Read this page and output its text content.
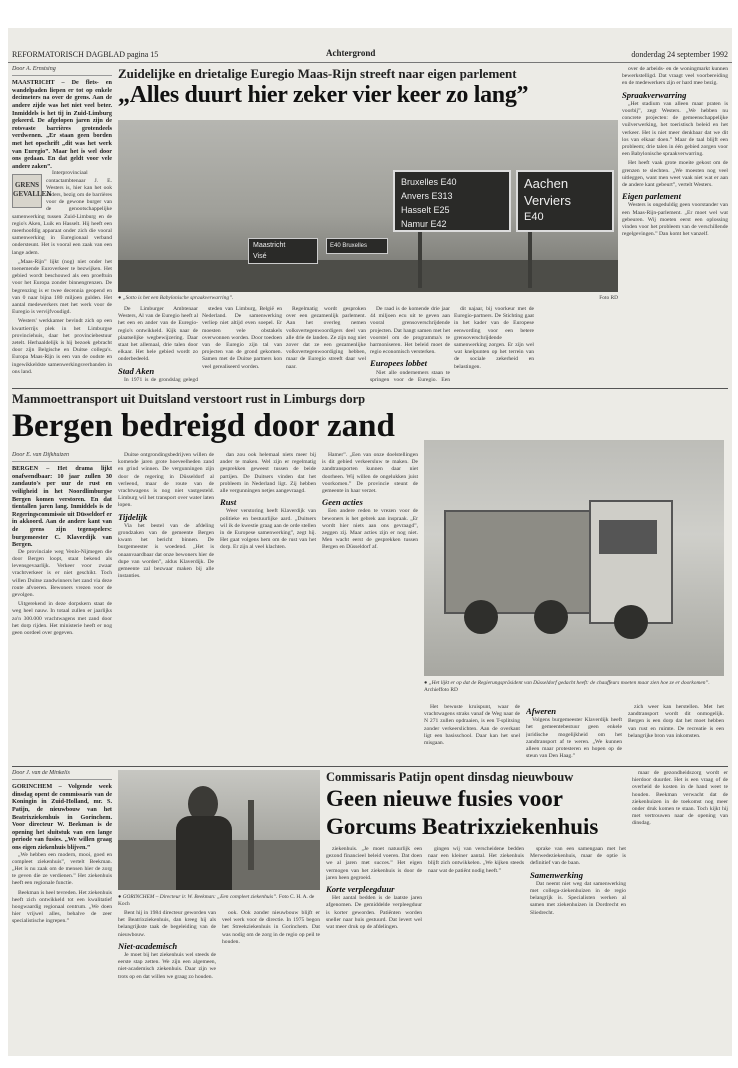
REFORMATORISCH DAGBLAD pagina 15	Achtergrond	donderdag 24 september 1992
Door A. Ernstsing
MAASTRICHT – De flets- en wandelpaden liepen er tot op enkele decimeters na over de grens. Aan de andere zijde was het niet veel beter. Inmiddels is het tij in Zuid-Limburg gekeerd. De afgelopen jaren zijn de rotsvaste barrières grotendeels verdwenen. „Er staan geen borden met het opschrift „dit was het werk van Euregio”. Maar het is wel door ons gedaan. En dat geldt voor vele andere zaken”.
GRENS GEVALLEN

Interprovinciaal contactambtenaar J. E. Westers is, hier kan het ook anders, bezig om de barrières voor de gewone burger van de genootschappelijke samenwerking tussen Zuid-Limburg en de regio's Aken, Luik en Hasselt. Hij heeft een meerhoofdig apparaat onder zich die vooral samenwerking in Euregionaal verband ondersteunt. Het is vooral een zaak van een lange adem.

„Maas-Rijn” lijkt (nog) niet onder het toenemende Euroverkeer te bezwijken. Het gebied wordt beschouwd als een proeftuin voor het Europa zonder binnengrenzen. De begrenzing is er twee decennia geopend en van 0 naar bijna 180 miljoen gulden. Het aantal medewerkers met het werk voor de Euregio is vervijfvoudigd.

Westers' werkkamer bevindt zich op een kwartierrijs plek in het Limburgse provinciehuis, daar het provinciebestuur zetelt. Herhaaldelijk is hij bezoek gebracht door zijn Belgische en Duitse collega's. Europa Maas-Rijn is een van de oudste en ingewikkeldste samenwerkingsverbanden in ons land.

Zuidelijke en drietalige Euregio Maas-Rijn streeft naar eigen parlement
„Alles duurt hier zeker vier keer zo lang”
Bruxelles E40
Anvers E313
Hasselt E25
Namur E42
Aachen
Verviers
E40
Maastricht
Visé
E40 Bruxelles
● „Sotto is het een Babylonische spraakverwarring”.	Foto RD

De Limburger Ambtenaar Westers, Al van de Euregio heeft al het een en ander van de Euregio-regio's ontwikkeld. Kijk naar de plaatselijke wegbewijzering. Daar staat het allemaal, drie talen door elkaar. Het hele gebied wordt zo onderbedeeld.

Stad Aken

In 1971 is de grondslag gelegd

steden van Limburg, België en Nederland. De samenwerking verliep niet altijd even soepel. Er moesten vele obstakels overwonnen worden. Door toedoen van de Euregio zijn tal van projecten van de grond gekomen. Samen met de Duitse partners kon veel gerealiseerd worden.

Regelmatig wordt gesproken over een gezamenlijk parlement. Aan het overleg nemen volksvertegenwoordigers deel van alle drie de landen. Ze zijn nog niet zover dat ze een gezamenlijke volksvertegenwoordiging hebben, maar de Euregio streeft daar wel naar.

De raad is de komende drie jaar 44 miljoen ecu uit te geven aan vooral grensoverschrijdende projecten. Dat hangt samen met het voorstel om de programma's te harmoniseren. Het beleid moet de regio economisch versterken.

Europees lobbet

Niet alle ondernemers staan te springen voor de Euregio. Een

dit najaar, bij voorkeur met de Euregio-partners. De Stichting gaat in het kader van de Europese eenwording voor een betere grensoverschrijdende samenwerking zorgen. Er zijn wel wat knelpunten op het terrein van de sociale zekerheid en belastingen.

over de arbeids- en de woningmarkt kunnen bewerkstelligd. Dat vraagt veel voorbereiding en de medewerkers zijn er hard mee bezig.

Spraakverwarring

„Het stadium van alleen maar praten is voorbij”, zegt Westers. „We hebben nu concrete projecten: de gemeenschappelijke vuilverwerking, het toeristisch beleid en het verkeer. Het is niet meer denkbaar dat we dit los van elkaar doen.” Maar de taal blijft een probleem; drie talen in één gebied zorgen voor een Babylonische spraakverwarring.

Het heeft vaak grote moeite gekost om de grenzen te slechten. „We moesten nog veel uitleggen, want men weet vaak niet wat er aan de andere kant gebeurt”, vertelt Westers.

Eigen parlement

Westers is ongeduldig geen voorstander van een Maas-Rijn-parlement. „Er moet wel wat gebeuren. Wij moeten eerst een oplossing vinden voor het probleem van de verschillende regelgevingen.” Dan komt het vanzelf.

Mammoettransport uit Duitsland verstoort rust in Limburgs dorp
Bergen bedreigd door zand
Door E. van Dijkhuizen
BERGEN – Het drama lijkt onafwendbaar: 10 jaar zullen 30 zandauto's per uur de rust en veiligheid in het Noordlimburgse Bergen komen verstoren. En dat tientallen jaren lang. Inmiddels is de Regeringscommissie uit Düsseldorf er in akkoord. Aan de andere kant van de grens zijn tegenspelers: burgemeester C. Klaverdijk van Bergen.

De provinciale weg Venlo-Nijmegen die door Bergen loopt, staat bekend als levensgevaarlijk. Verkeer voor zwaar vrachtverkeer is er niet geschikt. Toch willen Duitse zandwinners het zand via deze route afvoeren. Bewoners vrezen voor de gevolgen.

Uitgerekend in deze dorpskern staat de weg heel nauw. In totaal zullen er jaarlijks zo'n 300.000 vrachtwagens met zand door het dorp rijden. Het ministerie heeft er nog geen oordeel over gegeven.

Duitse ontgrondingsbedrijven willen de komende jaren grote hoeveelheden zand en grind winnen. De vergunningen zijn door de regering in Düsseldorf al verleend, maar de route van de vrachtwagens is nog niet vastgesteld. Limburg wil het transport over water laten lopen.

Tijdelijk

Via het bestel van de afdeling grondzaken van de gemeente Bergen kwam het bericht binnen. De burgemeester is woedend. „Het is onaanvaardbaar dat onze bewoners hier de dupe van worden”, aldus Klaverdijk. De gemeente zal bezwaar maken bij alle instanties.

dan zou ook helemaal niets meer bij ander te maken. Wel zijn er regelmatig gesprekken geweest tussen de beide partijen. De Duitsers vinden dat het probleem in Nederland ligt. Zij hebben alle vergunningen netjes aangevraagd.

Rust

Weer verstoring heeft Klaverdijk van politieke en bestuurlijke aard. „Duitsers wil ik de kwestie graag aan de orde stellen in de Europese samenwerking”, zegt hij. Het gaat volgens hem om de rust van het dorp. Er zijn al veel klachten.

Hamer”. „Een van onze doelstellingen is dit gebied verkeersluw te maken. De zandtransporten kunnen daar niet doorheen. Wij willen de ongelukken juist voorkomen.” De provincie steunt de gemeente in haar verzet.

Geen acties

Een andere reden te vrezen voor de bewoners is het gebrek aan inspraak. „Er wordt hier niets aan ons gevraagd”, zeggen zij. Maar acties zijn er nog niet. Men wacht eerst de gesprekken tussen Bergen en Düsseldorf af.

● „Het lijkt er op dat de Regierungspräsident van Düsseldorf gedacht heeft: de chauffeurs moeten maar zien hoe ze er doorkomen”. Archieffoto RD

Het bewuste kruispunt, waar de vrachtwagens straks vanaf de Weg naar de N 271 zullen opdraaien, is een T-splitsing zonder verkeerslichten. Aan de overkant ligt een basisschool. Daar kan het snel misgaan.

Afweren

Volgens burgemeester Klaverdijk heeft het gemeentebestuur geen enkele juridische mogelijkheid om het zandtransport af te weren. „We kunnen alleen maar protesteren en hopen op de steun van Den Haag.”

zich weer kan herstellen. Met het zandtransport wordt dit onmogelijk. Bergen is een dorp dat het moet hebben van rust en ruimte. De recreatie is een belangrijke bron van inkomsten.

Door J. van de Minkelis
GORINCHEM – Volgende week dinsdag opent de commissaris van de Koningin in Zuid-Holland, mr. S. Patijn, de nieuwbouw van het Beatrixziekenhuis in Gorinchem. Voor directeur W. Beekman is de opening het sluitstuk van een lange periode van fusies. „We willen graag ons eigen ziekenhuis blijven.”

„We hebben een modern, mooi, goed en compleet ziekenhuis”, vertelt Beekman. „Het is nu zaak om de mensen hier de zorg te geven die ze verdienen.” Het ziekenhuis heeft een regionale functie.

Beekman is heel tevreden. Het ziekenhuis heeft zich ontwikkeld tot een kwalitatief hoogwaardig regionaal centrum. „We doen hier vrijwel alles, behalve de zeer specialistische ingrepen.”

● GORINCHEM – Directeur ir. W. Beekman: „Een compleet ziekenhuis”. Foto C. H. A. de Koch
Commissaris Patijn opent dinsdag nieuwbouw
Geen nieuwe fusies voor
Gorcums Beatrixziekenhuis

Bent hij in 1984 directeur geworden van het Beatrixziekenhuis, dan kreeg hij als belangrijkste taak de begeleiding van de nieuwbouw.

Niet-academisch

Je moet bij het ziekenhuis wel steeds de eerste stap zetten. We zijn een algemeen, niet-academisch ziekenhuis. Daar zijn we trots op en dat willen we graag zo houden.

ook. Ook zonder nieuwbouw blijft er veel werk voor de directie. In 1975 begon het Streekziekenhuis in Gorinchem. Dat was nodig om de zorg in de regio op peil te houden.

ziekenhuis. „Je moet natuurlijk een gezond financieel beleid voeren. Dat doen we al jaren met succes.” Het eigen vermogen van het ziekenhuis is door de jaren heen gegroeid.

Korte verpleegduur

Het aantal bedden is de laatste jaren afgenomen. De gemiddelde verpleegduur is korter geworden. Patiënten worden sneller naar huis gestuurd. Dat levert wel wat meer druk op de afdelingen.

gingen wij van verscheidene bedden naar een kleiner aantal. Het ziekenhuis blijft zich ontwikkelen. „We kijken steeds naar wat de patiënt nodig heeft.”

sprake van een samengaan met het Merwedeziekenhuis, maar de optie is definitief van de baan.

Samenwerking

Dat neemt niet weg dat samenwerking met collega-ziekenhuizen in de regio belangrijk is. Specialisten werken al samen met ziekenhuizen in Dordrecht en Sliedrecht.

maar de gezondheidszorg wordt er hierdoor duurder. Het is een vraag of de overheid de kosten in de hand weet te houden. Beekman verwacht dat de ziekenhuizen in de toekomst nog meer onder druk komen te staan. Toch kijkt hij met vertrouwen naar de opening van dinsdag.
